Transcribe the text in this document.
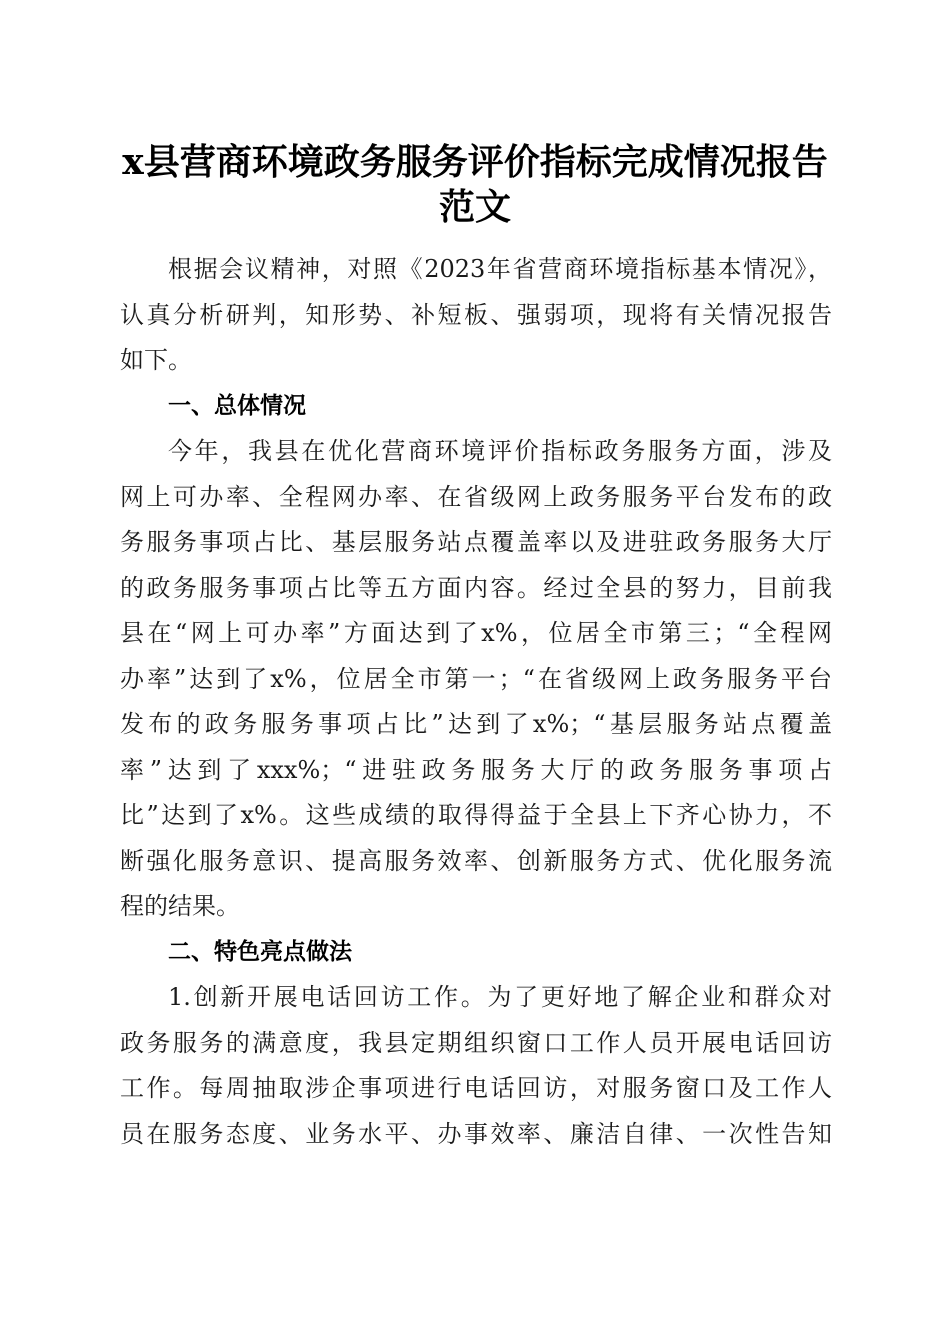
x县营商环境政务服务评价指标完成情况报告
范文
根据会议精神，对照《2023年省营商环境指标基本情况》，
认真分析研判，知形势、补短板、强弱项，现将有关情况报告
如下。
一、总体情况
今年，我县在优化营商环境评价指标政务服务方面，涉及
网上可办率、全程网办率、在省级网上政务服务平台发布的政
务服务事项占比、基层服务站点覆盖率以及进驻政务服务大厅
的政务服务事项占比等五方面内容。经过全县的努力，目前我
县在“网上可办率”方面达到了x%，位居全市第三；“全程网
办率”达到了x%，位居全市第一；“在省级网上政务服务平台
发布的政务服务事项占比”达到了x%；“基层服务站点覆盖
率”达到了xxx%；“进驻政务服务大厅的政务服务事项占
比”达到了x%。这些成绩的取得得益于全县上下齐心协力，不
断强化服务意识、提高服务效率、创新服务方式、优化服务流
程的结果。
二、特色亮点做法
1.创新开展电话回访工作。为了更好地了解企业和群众对
政务服务的满意度，我县定期组织窗口工作人员开展电话回访
工作。每周抽取涉企事项进行电话回访，对服务窗口及工作人
员在服务态度、业务水平、办事效率、廉洁自律、一次性告知
